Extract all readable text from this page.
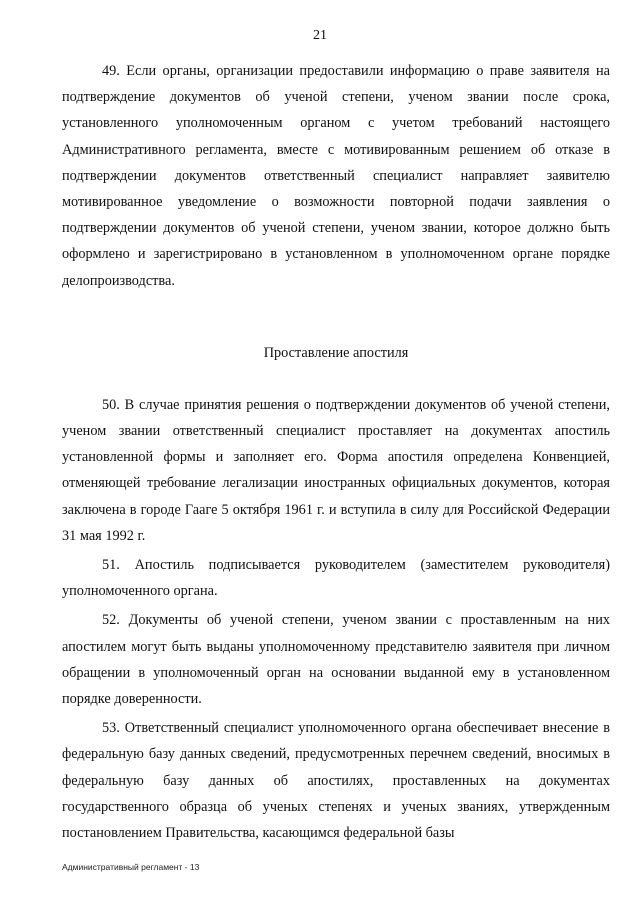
21

49. Если органы, организации предоставили информацию о праве заявителя на подтверждение документов об ученой степени, ученом звании после срока, установленного уполномоченным органом с учетом требований настоящего Административного регламента, вместе с мотивированным решением об отказе в подтверждении документов ответственный специалист направляет заявителю мотивированное уведомление о возможности повторной подачи заявления о подтверждении документов об ученой степени, ученом звании, которое должно быть оформлено и зарегистрировано в установленном в уполномоченном органе порядке делопроизводства.

Проставление апостиля

50. В случае принятия решения о подтверждении документов об ученой степени, ученом звании ответственный специалист проставляет на документах апостиль установленной формы и заполняет его. Форма апостиля определена Конвенцией, отменяющей требование легализации иностранных официальных документов, которая заключена в городе Гааге 5 октября 1961 г. и вступила в силу для Российской Федерации 31 мая 1992 г.

51. Апостиль подписывается руководителем (заместителем руководителя) уполномоченного органа.

52. Документы об ученой степени, ученом звании с проставленным на них апостилем могут быть выданы уполномоченному представителю заявителя при личном обращении в уполномоченный орган на основании выданной ему в установленном порядке доверенности.

53. Ответственный специалист уполномоченного органа обеспечивает внесение в федеральную базу данных сведений, предусмотренных перечнем сведений, вносимых в федеральную базу данных об апостилях, проставленных на документах государственного образца об ученых степенях и ученых званиях, утвержденным постановлением Правительства, касающимся федеральной базы

Административный регламент - 13
